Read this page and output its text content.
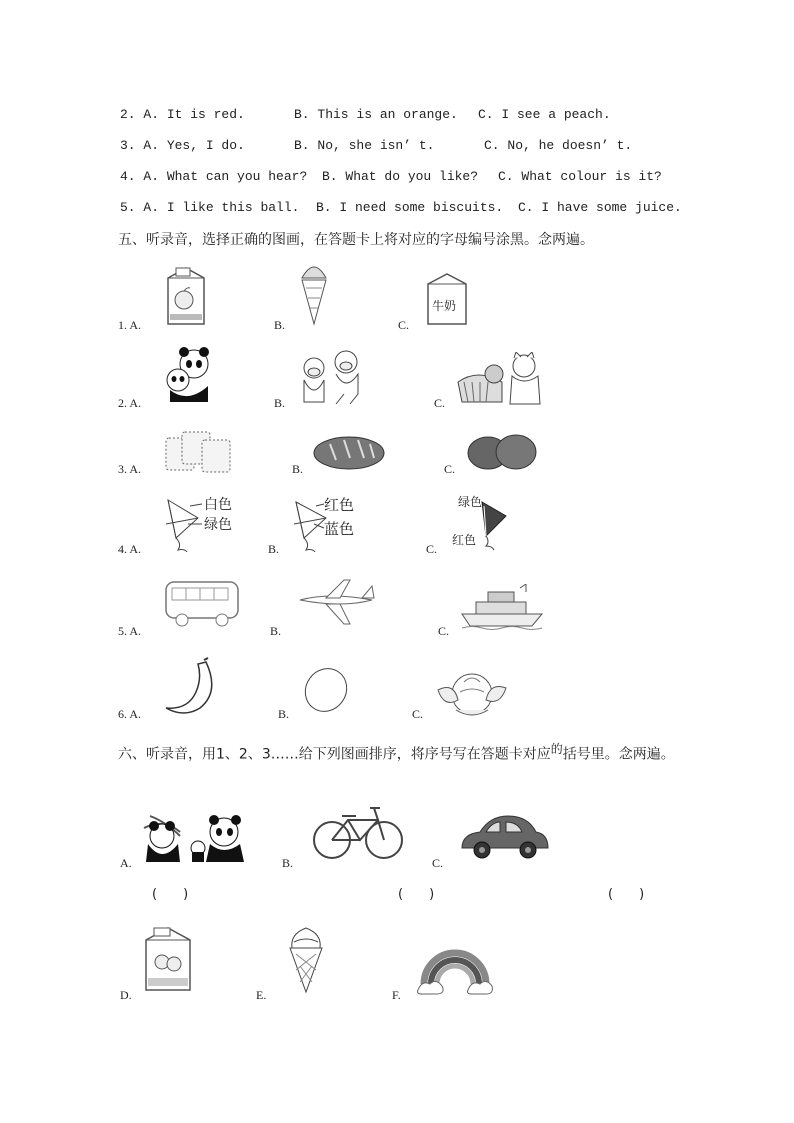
2. A. It is red.	B. This is an orange. C. I see a peach.
3. A. Yes, I do.	B. No, she isn’ t.	C. No, he doesn’ t.
4. A. What can you hear? B. What do you like? C. What colour is it?
5. A. I like this ball. B. I need some biscuits. C. I have some juice.
五、听录音，选择正确的图画，在答题卡上将对应的字母编号涂黑。念两遍。
1. A.	B.	C.
牛奶
2. A.	B.	C.
3. A.	B.	C.
4. A.
白色
绿色
B.
红色
蓝色
C.
绿色
红色
5. A.	B.	C.
6. A.	B.	C.
六、听录音，用1、2、3……给下列图画排序，将序号写在答题卡对应$^的$括号里。念两遍。
A.	B.	C.
(　　)	(　　)	(　　)
D.	E.	F.
